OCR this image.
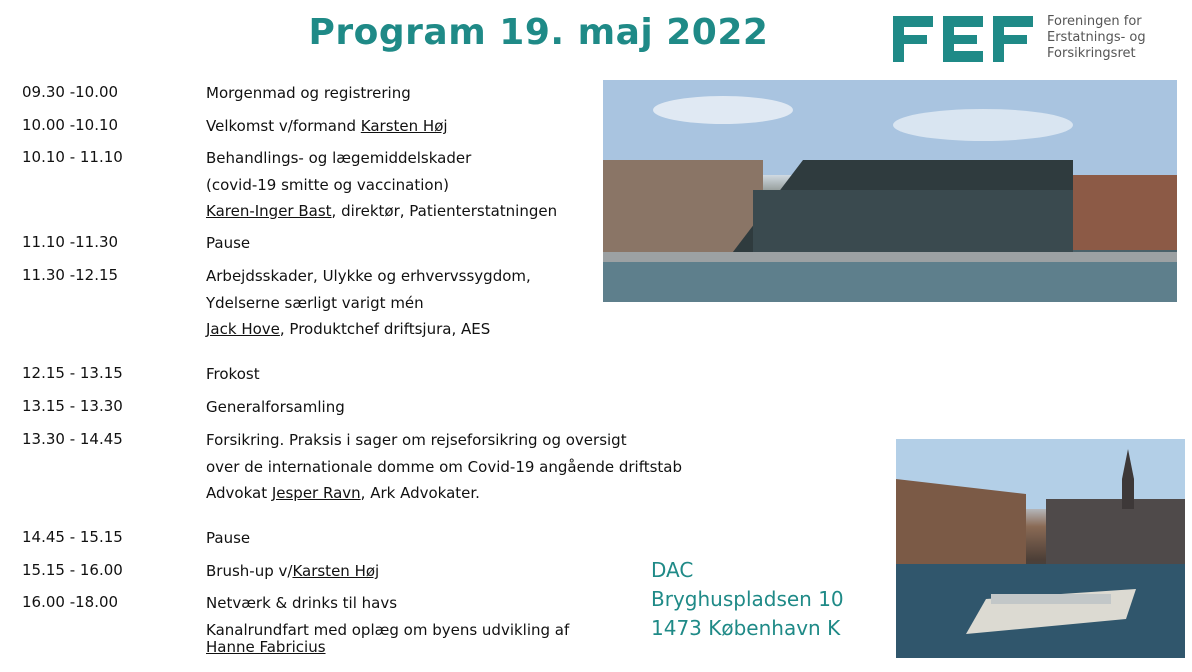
Program 19. maj 2022	Foreningen for
Erstatnings- og
Forsikringsret
09.30 -10.00	Morgenmad og registrering
10.00 -10.10	Velkomst v/formand Karsten Høj
10.10 - 11.10	Behandlings- og lægemiddelskader
(covid-19 smitte og vaccination)
Karen-Inger Bast, direktør, Patienterstatningen
11.10 -11.30	Pause
11.30 -12.15	Arbejdsskader, Ulykke og erhvervssygdom,
Ydelserne særligt varigt mén
Jack Hove, Produktchef driftsjura, AES
12.15 - 13.15	Frokost
13.15 - 13.30	Generalforsamling
13.30 - 14.45	Forsikring. Praksis i sager om rejseforsikring og oversigt
over de internationale domme om Covid-19 angående driftstab
Advokat Jesper Ravn, Ark Advokater.
14.45 - 15.15	Pause
15.15 - 16.00	Brush-up v/Karsten Høj
16.00 -18.00	Netværk & drinks til havs
Kanalrundfart med oplæg om byens udvikling af
Hanne Fabricius
DAC
Bryghuspladsen 10
1473 København K
